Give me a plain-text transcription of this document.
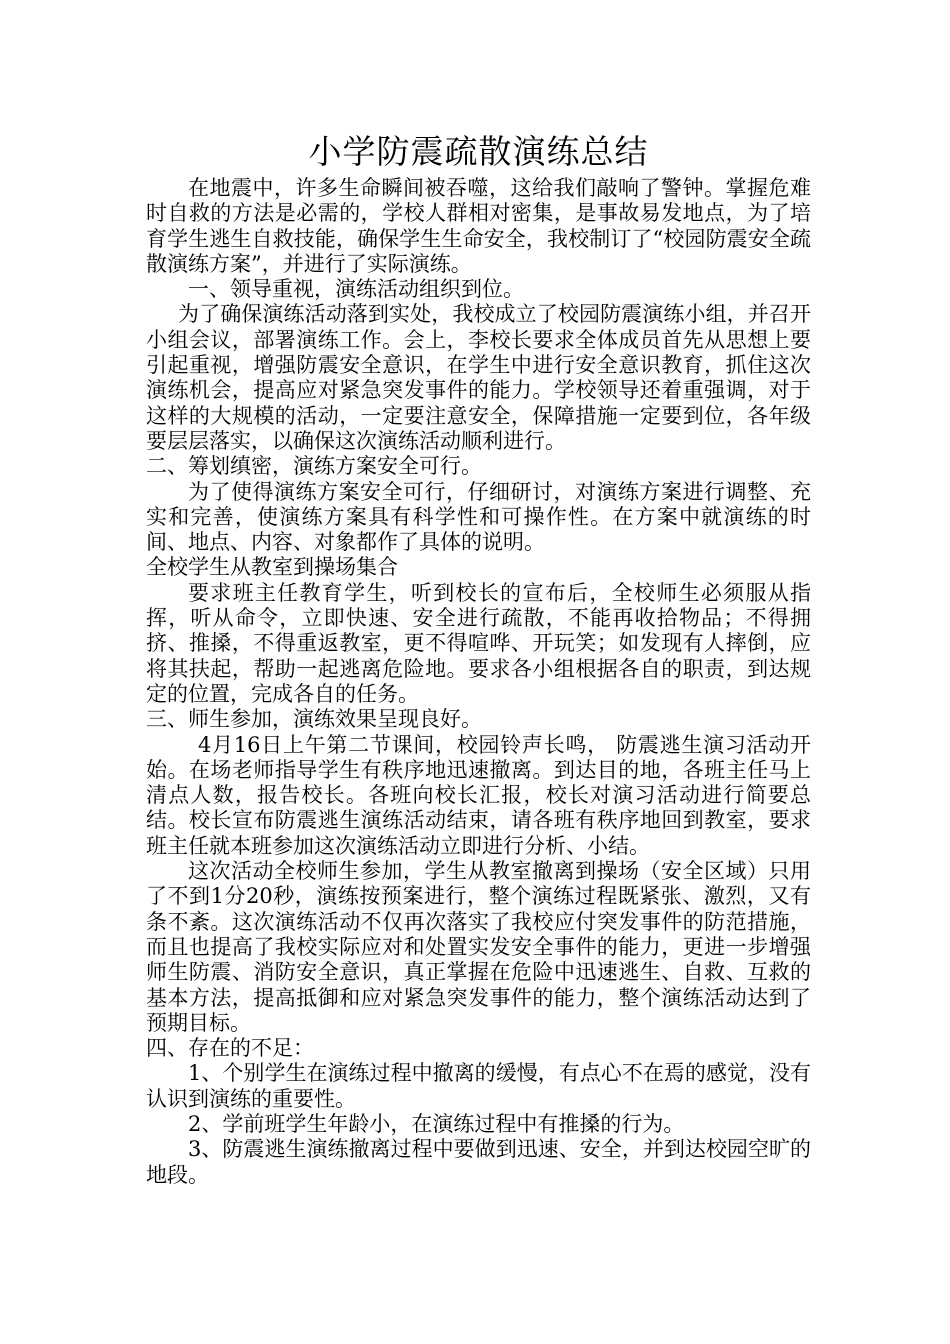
小学防震疏散演练总结

在地震中，许多生命瞬间被吞噬，这给我们敲响了警钟。掌握危难时自救的方法是必需的，学校人群相对密集，是事故易发地点，为了培育学生逃生自救技能，确保学生生命安全，我校制订了“校园防震安全疏散演练方案”，并进行了实际演练。

一、领导重视，演练活动组织到位。

为了确保演练活动落到实处，我校成立了校园防震演练小组，并召开小组会议，部署演练工作。会上，李校长要求全体成员首先从思想上要引起重视，增强防震安全意识，在学生中进行安全意识教育，抓住这次演练机会，提高应对紧急突发事件的能力。学校领导还着重强调，对于这样的大规模的活动，一定要注意安全，保障措施一定要到位，各年级要层层落实，以确保这次演练活动顺利进行。

二、筹划缜密，演练方案安全可行。

为了使得演练方案安全可行，仔细研讨，对演练方案进行调整、充实和完善，使演练方案具有科学性和可操作性。在方案中就演练的时间、地点、内容、对象都作了具体的说明。

全校学生从教室到操场集合

要求班主任教育学生，听到校长的宣布后，全校师生必须服从指挥，听从命令，立即快速、安全进行疏散，不能再收拾物品；不得拥挤、推搡，不得重返教室，更不得喧哗、开玩笑；如发现有人摔倒，应将其扶起，帮助一起逃离危险地。要求各小组根据各自的职责，到达规定的位置，完成各自的任务。

三、师生参加，演练效果呈现良好。

4月16日上午第二节课间，校园铃声长鸣， 防震逃生演习活动开始。在场老师指导学生有秩序地迅速撤离。到达目的地，各班主任马上清点人数，报告校长。各班向校长汇报，校长对演习活动进行简要总结。校长宣布防震逃生演练活动结束，请各班有秩序地回到教室，要求班主任就本班参加这次演练活动立即进行分析、小结。

这次活动全校师生参加，学生从教室撤离到操场（安全区域）只用了不到1分20秒，演练按预案进行，整个演练过程既紧张、激烈，又有条不紊。这次演练活动不仅再次落实了我校应付突发事件的防范措施，而且也提高了我校实际应对和处置实发安全事件的能力，更进一步增强师生防震、消防安全意识，真正掌握在危险中迅速逃生、自救、互救的基本方法，提高抵御和应对紧急突发事件的能力，整个演练活动达到了预期目标。

四、存在的不足：

1、个别学生在演练过程中撤离的缓慢，有点心不在焉的感觉，没有认识到演练的重要性。

2、学前班学生年龄小，在演练过程中有推搡的行为。

3、防震逃生演练撤离过程中要做到迅速、安全，并到达校园空旷的地段。
